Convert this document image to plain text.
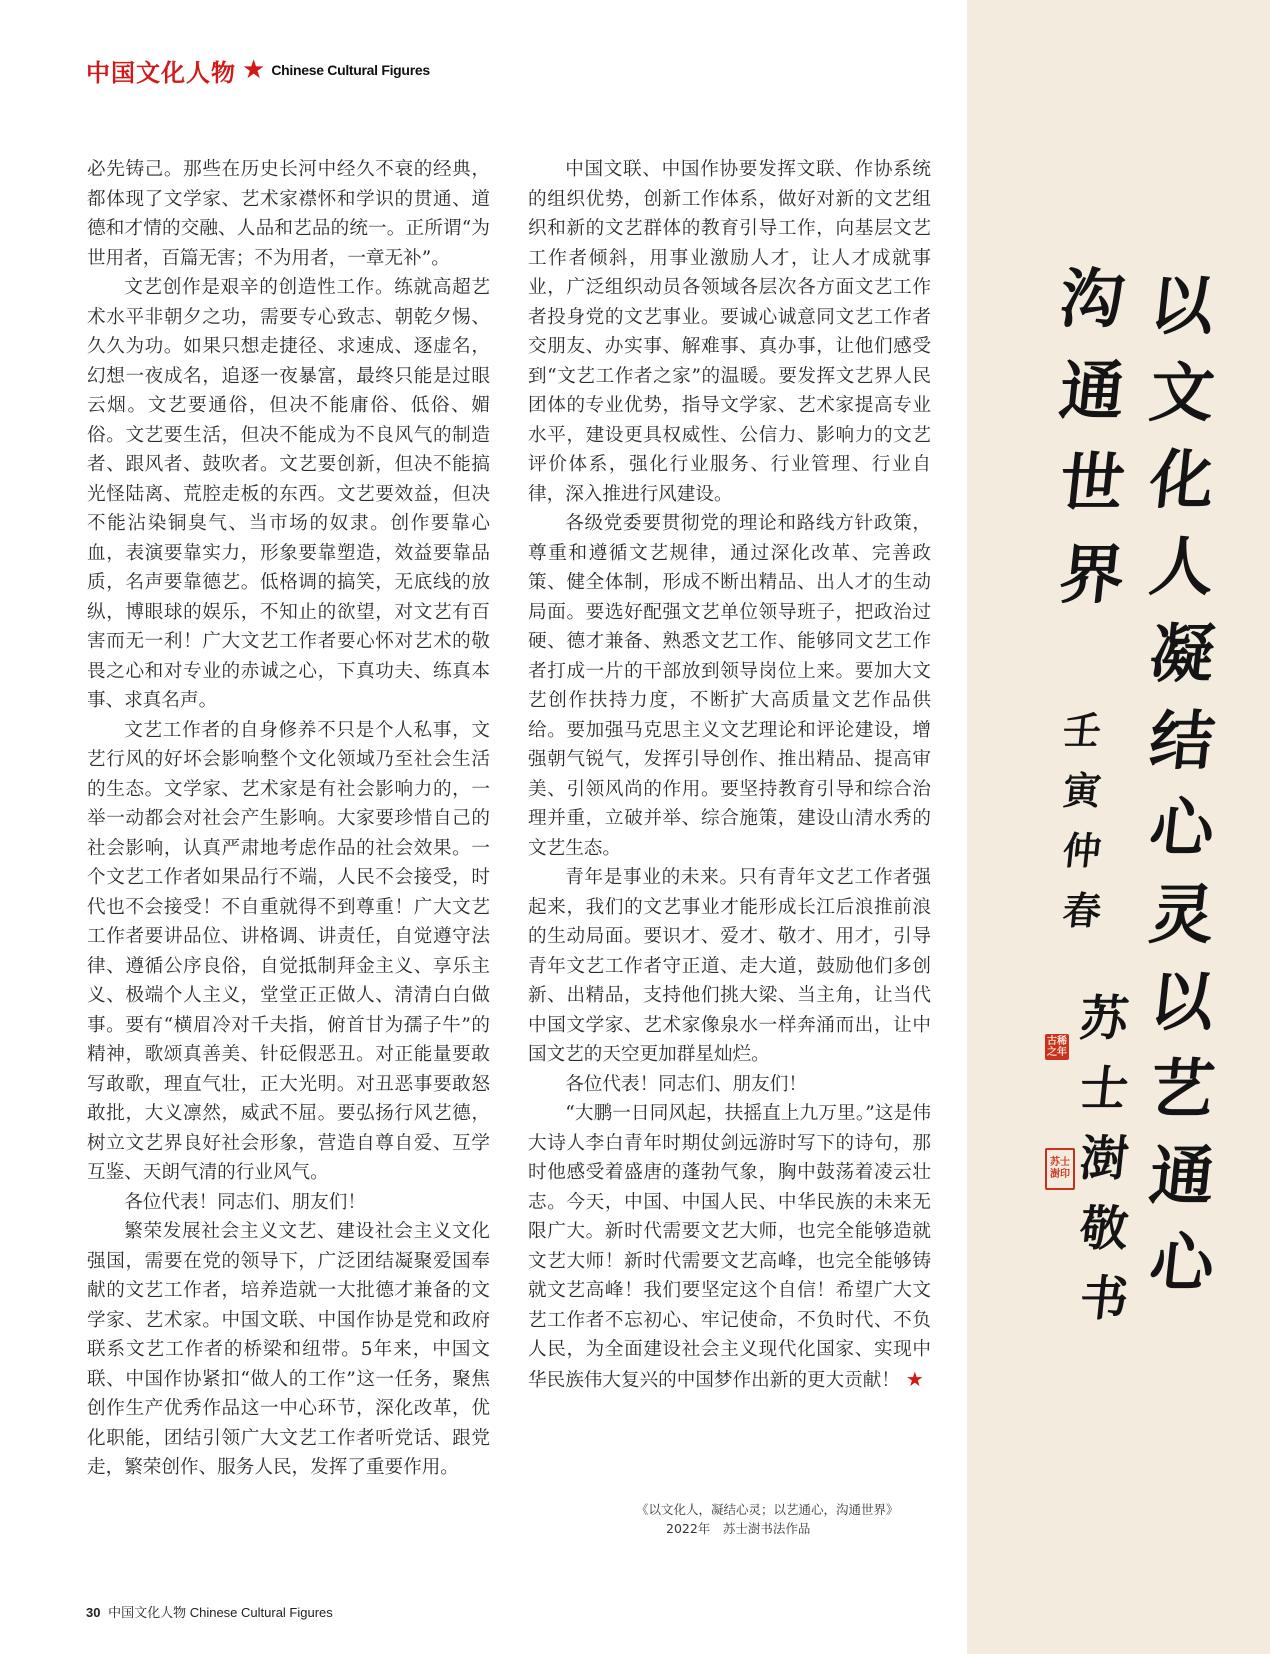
中国文化人物 ★ Chinese Cultural Figures

必先铸己。那些在历史长河中经久不衰的经典，都体现了文学家、艺术家襟怀和学识的贯通、道德和才情的交融、人品和艺品的统一。正所谓“为世用者，百篇无害；不为用者，一章无补”。

文艺创作是艰辛的创造性工作。练就高超艺术水平非朝夕之功，需要专心致志、朝乾夕惕、久久为功。如果只想走捷径、求速成、逐虚名，幻想一夜成名，追逐一夜暴富，最终只能是过眼云烟。文艺要通俗，但决不能庸俗、低俗、媚俗。文艺要生活，但决不能成为不良风气的制造者、跟风者、鼓吹者。文艺要创新，但决不能搞光怪陆离、荒腔走板的东西。文艺要效益，但决不能沾染铜臭气、当市场的奴隶。创作要靠心血，表演要靠实力，形象要靠塑造，效益要靠品质，名声要靠德艺。低格调的搞笑，无底线的放纵，博眼球的娱乐，不知止的欲望，对文艺有百害而无一利！广大文艺工作者要心怀对艺术的敬畏之心和对专业的赤诚之心，下真功夫、练真本事、求真名声。

文艺工作者的自身修养不只是个人私事，文艺行风的好坏会影响整个文化领域乃至社会生活的生态。文学家、艺术家是有社会影响力的，一举一动都会对社会产生影响。大家要珍惜自己的社会影响，认真严肃地考虑作品的社会效果。一个文艺工作者如果品行不端，人民不会接受，时代也不会接受！不自重就得不到尊重！广大文艺工作者要讲品位、讲格调、讲责任，自觉遵守法律、遵循公序良俗，自觉抵制拜金主义、享乐主义、极端个人主义，堂堂正正做人、清清白白做事。要有“横眉冷对千夫指，俯首甘为孺子牛”的精神，歌颂真善美、针砭假恶丑。对正能量要敢写敢歌，理直气壮，正大光明。对丑恶事要敢怒敢批，大义凛然，威武不屈。要弘扬行风艺德，树立文艺界良好社会形象，营造自尊自爱、互学互鉴、天朗气清的行业风气。

各位代表！同志们、朋友们！

繁荣发展社会主义文艺、建设社会主义文化强国，需要在党的领导下，广泛团结凝聚爱国奉献的文艺工作者，培养造就一大批德才兼备的文学家、艺术家。中国文联、中国作协是党和政府联系文艺工作者的桥梁和纽带。5年来，中国文联、中国作协紧扣“做人的工作”这一任务，聚焦创作生产优秀作品这一中心环节，深化改革，优化职能，团结引领广大文艺工作者听党话、跟党走，繁荣创作、服务人民，发挥了重要作用。

中国文联、中国作协要发挥文联、作协系统的组织优势，创新工作体系，做好对新的文艺组织和新的文艺群体的教育引导工作，向基层文艺工作者倾斜，用事业激励人才，让人才成就事业，广泛组织动员各领域各层次各方面文艺工作者投身党的文艺事业。要诚心诚意同文艺工作者交朋友、办实事、解难事、真办事，让他们感受到“文艺工作者之家”的温暖。要发挥文艺界人民团体的专业优势，指导文学家、艺术家提高专业水平，建设更具权威性、公信力、影响力的文艺评价体系，强化行业服务、行业管理、行业自律，深入推进行风建设。

各级党委要贯彻党的理论和路线方针政策，尊重和遵循文艺规律，通过深化改革、完善政策、健全体制，形成不断出精品、出人才的生动局面。要选好配强文艺单位领导班子，把政治过硬、德才兼备、熟悉文艺工作、能够同文艺工作者打成一片的干部放到领导岗位上来。要加大文艺创作扶持力度，不断扩大高质量文艺作品供给。要加强马克思主义文艺理论和评论建设，增强朝气锐气，发挥引导创作、推出精品、提高审美、引领风尚的作用。要坚持教育引导和综合治理并重，立破并举、综合施策，建设山清水秀的文艺生态。

青年是事业的未来。只有青年文艺工作者强起来，我们的文艺事业才能形成长江后浪推前浪的生动局面。要识才、爱才、敬才、用才，引导青年文艺工作者守正道、走大道，鼓励他们多创新、出精品，支持他们挑大梁、当主角，让当代中国文学家、艺术家像泉水一样奔涌而出，让中国文艺的天空更加群星灿烂。

各位代表！同志们、朋友们！

“大鹏一日同风起，扶摇直上九万里。”这是伟大诗人李白青年时期仗剑远游时写下的诗句，那时他感受着盛唐的蓬勃气象，胸中鼓荡着凌云壮志。今天，中国、中国人民、中华民族的未来无限广大。新时代需要文艺大师，也完全能够造就文艺大师！新时代需要文艺高峰，也完全能够铸就文艺高峰！我们要坚定这个自信！希望广大文艺工作者不忘初心、牢记使命，不负时代、不负人民，为全面建设社会主义现代化国家、实现中华民族伟大复兴的中国梦作出新的更大贡献！ ★

《以文化人，凝结心灵；以艺通心，沟通世界》
2022年　 苏士澍书法作品
30 中国文化人物 Chinese Cultural Figures
以
文
化
人
凝
结
心
灵
以
艺
通
心
沟
通
世
界
壬
寅
仲
春
苏
士
澍
敬
书
古稀之年
苏士澍印
